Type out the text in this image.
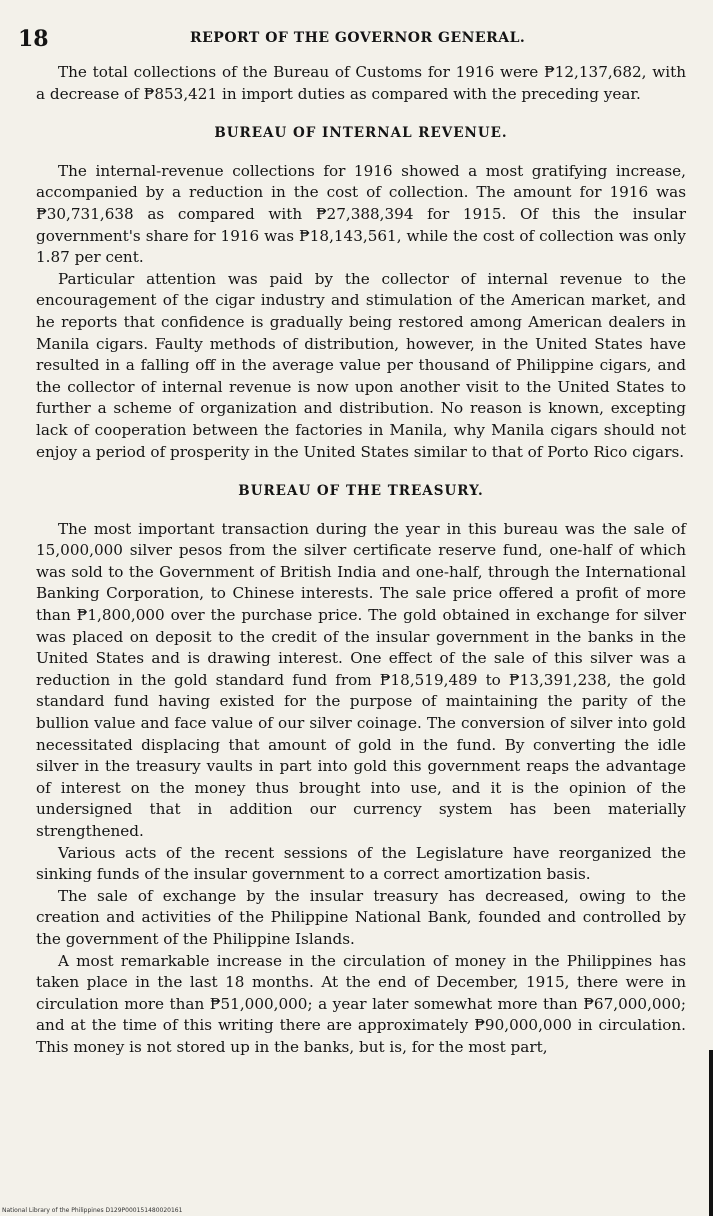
18	REPORT OF THE GOVERNOR GENERAL.

The total collections of the Bureau of Customs for 1916 were ₱12,137,682, with a decrease of ₱853,421 in import duties as compared with the preceding year.

BUREAU OF INTERNAL REVENUE.

The internal-revenue collections for 1916 showed a most gratifying increase, accompanied by a reduction in the cost of collection. The amount for 1916 was ₱30,731,638 as compared with ₱27,388,394 for 1915. Of this the insular government's share for 1916 was ₱18,143,561, while the cost of collection was only 1.87 per cent.

Particular attention was paid by the collector of internal revenue to the encouragement of the cigar industry and stimulation of the American market, and he reports that confidence is gradually being restored among American dealers in Manila cigars. Faulty methods of distribution, however, in the United States have resulted in a falling off in the average value per thousand of Philippine cigars, and the collector of internal revenue is now upon another visit to the United States to further a scheme of organization and distribution. No reason is known, excepting lack of cooperation between the factories in Manila, why Manila cigars should not enjoy a period of prosperity in the United States similar to that of Porto Rico cigars.

BUREAU OF THE TREASURY.

The most important transaction during the year in this bureau was the sale of 15,000,000 silver pesos from the silver certificate reserve fund, one-half of which was sold to the Government of British India and one-half, through the International Banking Corporation, to Chinese interests. The sale price offered a profit of more than ₱1,800,000 over the purchase price. The gold obtained in exchange for silver was placed on deposit to the credit of the insular government in the banks in the United States and is drawing interest. One effect of the sale of this silver was a reduction in the gold standard fund from ₱18,519,489 to ₱13,391,238, the gold standard fund having existed for the purpose of maintaining the parity of the bullion value and face value of our silver coinage. The conversion of silver into gold necessitated displacing that amount of gold in the fund. By converting the idle silver in the treasury vaults in part into gold this government reaps the advantage of interest on the money thus brought into use, and it is the opinion of the undersigned that in addition our currency system has been materially strengthened.

Various acts of the recent sessions of the Legislature have reorganized the sinking funds of the insular government to a correct amortization basis.

The sale of exchange by the insular treasury has decreased, owing to the creation and activities of the Philippine National Bank, founded and controlled by the government of the Philippine Islands.

A most remarkable increase in the circulation of money in the Philippines has taken place in the last 18 months. At the end of December, 1915, there were in circulation more than ₱51,000,000; a year later somewhat more than ₱67,000,000; and at the time of this writing there are approximately ₱90,000,000 in circulation. This money is not stored up in the banks, but is, for the most part,

National Library of the Philippines D129P000151480020161
